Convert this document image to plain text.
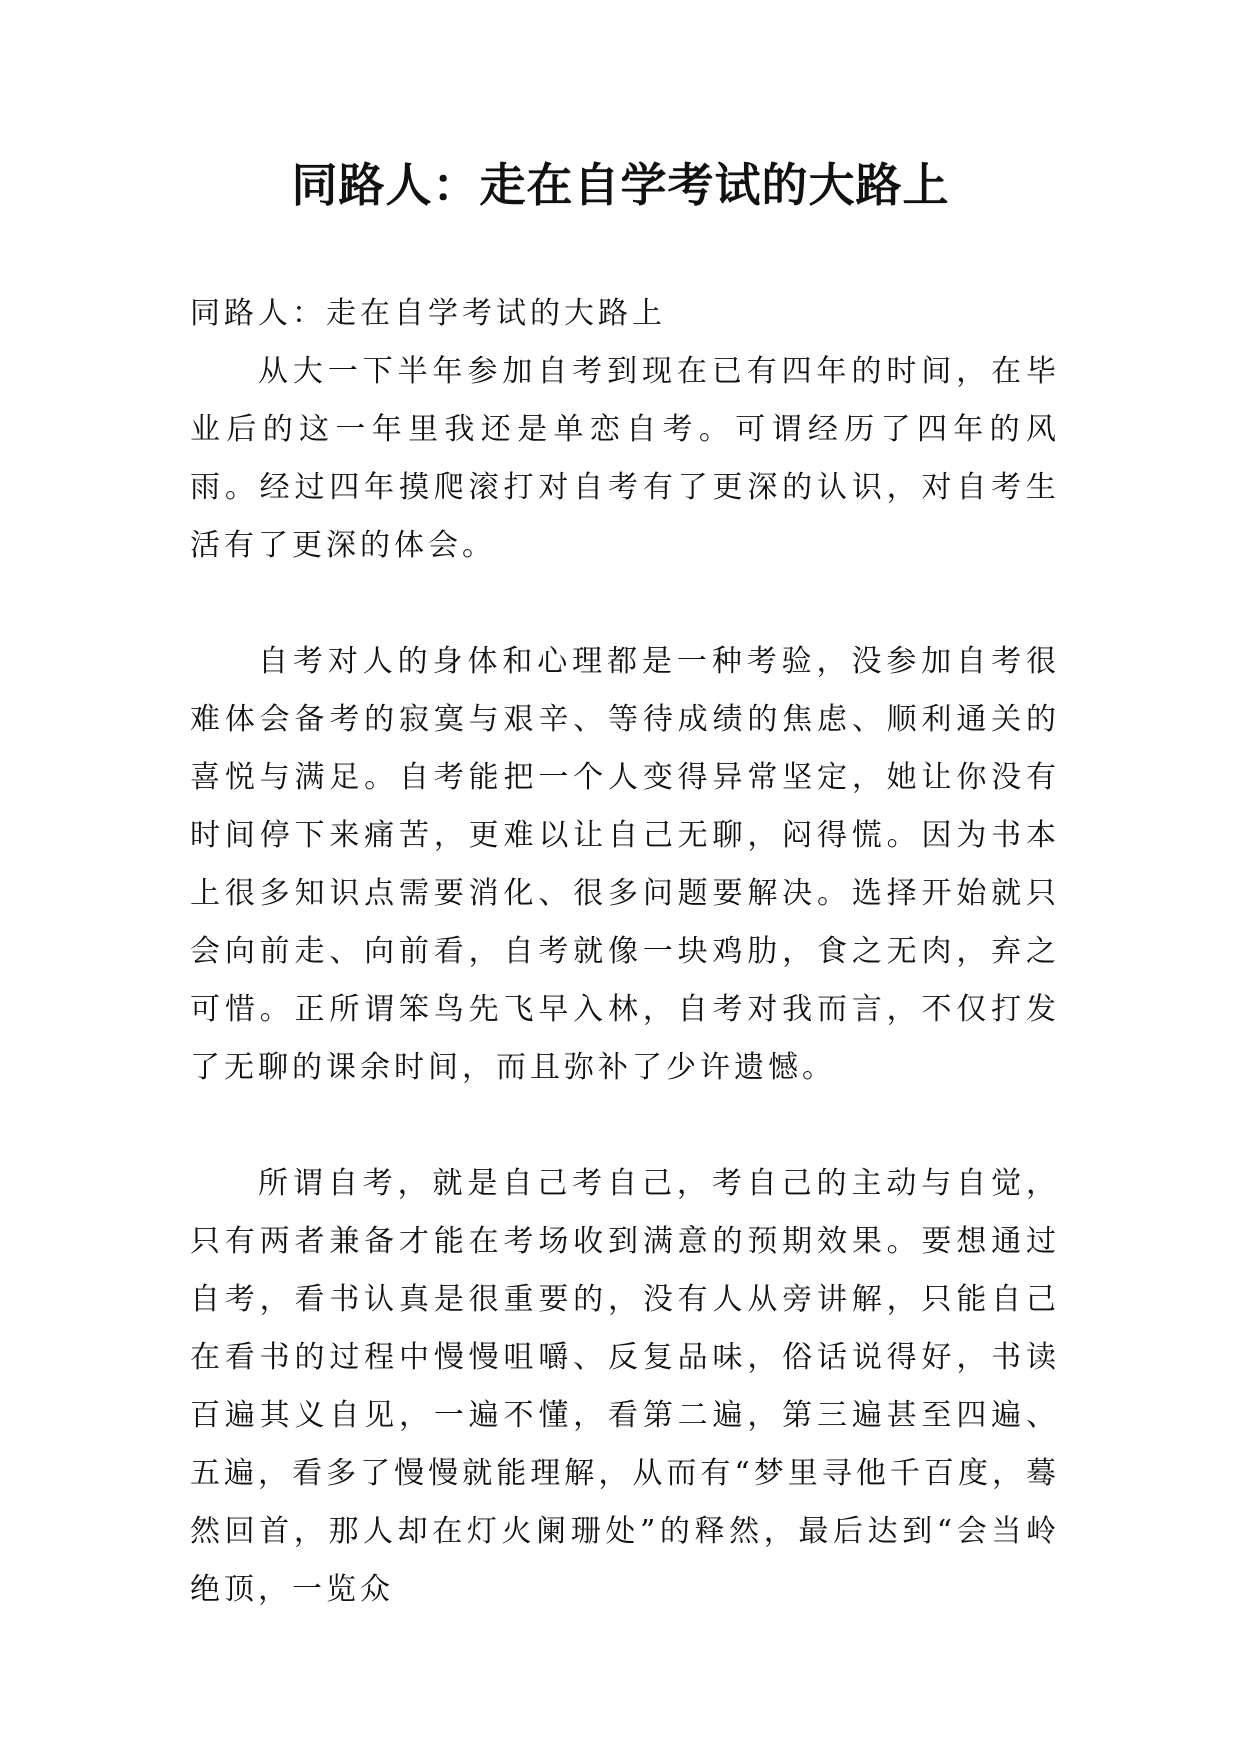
同路人：走在自学考试的大路上

同路人：走在自学考试的大路上

从大一下半年参加自考到现在已有四年的时间，在毕业后的这一年里我还是单恋自考。可谓经历了四年的风雨。经过四年摸爬滚打对自考有了更深的认识，对自考生活有了更深的体会。

自考对人的身体和心理都是一种考验，没参加自考很难体会备考的寂寞与艰辛、等待成绩的焦虑、顺利通关的喜悦与满足。自考能把一个人变得异常坚定，她让你没有时间停下来痛苦，更难以让自己无聊，闷得慌。因为书本上很多知识点需要消化、很多问题要解决。选择开始就只会向前走、向前看，自考就像一块鸡肋，食之无肉，弃之可惜。正所谓笨鸟先飞早入林，自考对我而言，不仅打发了无聊的课余时间，而且弥补了少许遗憾。

所谓自考，就是自己考自己，考自己的主动与自觉，只有两者兼备才能在考场收到满意的预期效果。要想通过自考，看书认真是很重要的，没有人从旁讲解，只能自己在看书的过程中慢慢咀嚼、反复品味，俗话说得好，书读百遍其义自见，一遍不懂，看第二遍，第三遍甚至四遍、五遍，看多了慢慢就能理解，从而有“梦里寻他千百度，蓦然回首，那人却在灯火阑珊处”的释然，最后达到“会当岭绝顶，一览众
